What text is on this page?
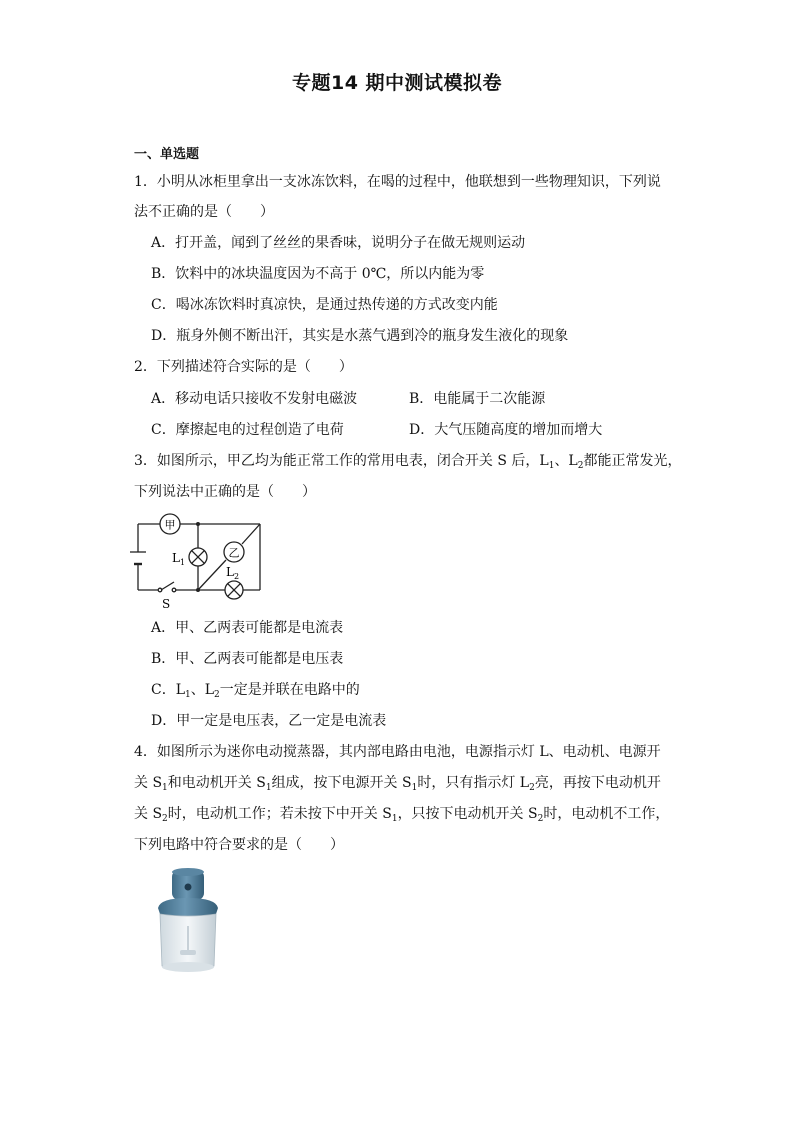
专题14 期中测试模拟卷
一、单选题
1．小明从冰柜里拿出一支冰冻饮料，在喝的过程中，他联想到一些物理知识，下列说
法不正确的是（　　）
A．打开盖，闻到了丝丝的果香味，说明分子在做无规则运动
B．饮料中的冰块温度因为不高于 0℃，所以内能为零
C．喝冰冻饮料时真凉快，是通过热传递的方式改变内能
D．瓶身外侧不断出汗，其实是水蒸气遇到冷的瓶身发生液化的现象
2．下列描述符合实际的是（　　）
A．移动电话只接收不发射电磁波	B．电能属于二次能源
C．摩擦起电的过程创造了电荷	D．大气压随高度的增加而增大
3．如图所示，甲乙均为能正常工作的常用电表，闭合开关 S 后，$L_1$、$L_2$都能正常发光，
下列说法中正确的是（　　）
S
甲
$L_1$
乙
$L_2$
A．甲、乙两表可能都是电流表
B．甲、乙两表可能都是电压表
C．$L_1$、$L_2$一定是并联在电路中的
D．甲一定是电压表，乙一定是电流表
4．如图所示为迷你电动搅蒸器，其内部电路由电池，电源指示灯 L、电动机、电源开
关 $S_1$和电动机开关 $S_1$组成，按下电源开关 $S_1$时，只有指示灯 $L_2$亮，再按下电动机开
关 $S_2$时，电动机工作；若未按下中开关 $S_1$，只按下电动机开关 $S_2$时，电动机不工作，
下列电路中符合要求的是（　　）
